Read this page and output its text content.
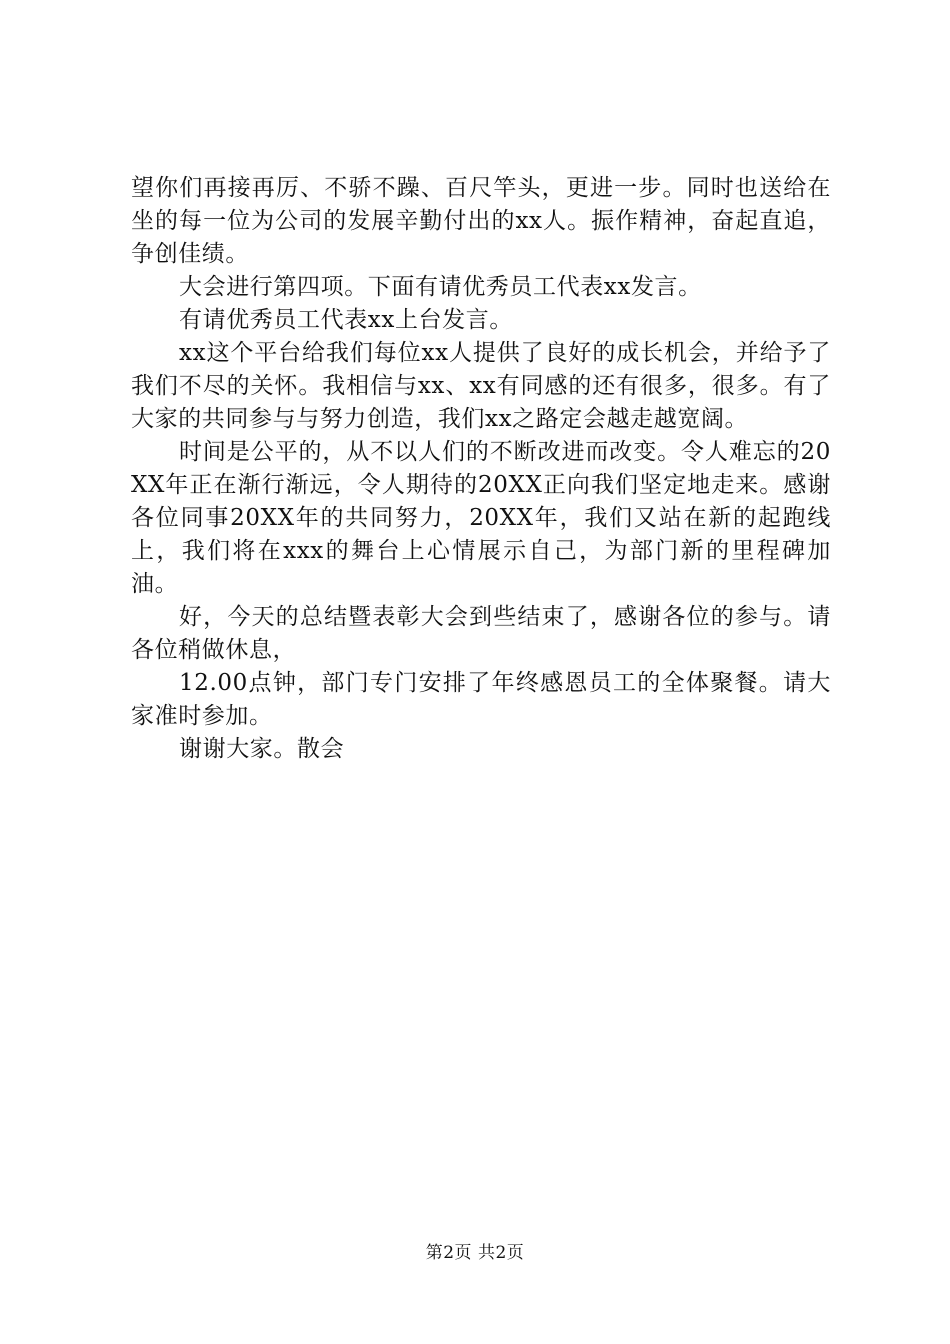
望你们再接再厉、不骄不躁、百尺竿头，更进一步。同时也送给在坐的每一位为公司的发展辛勤付出的xx人。振作精神，奋起直追，争创佳绩。

大会进行第四项。下面有请优秀员工代表xx发言。

有请优秀员工代表xx上台发言。

xx这个平台给我们每位xx人提供了良好的成长机会，并给予了我们不尽的关怀。我相信与xx、xx有同感的还有很多，很多。有了大家的共同参与与努力创造，我们xx之路定会越走越宽阔。

时间是公平的，从不以人们的不断改进而改变。令人难忘的20XX年正在渐行渐远，令人期待的20XX正向我们坚定地走来。感谢各位同事20XX年的共同努力，20XX年，我们又站在新的起跑线上，我们将在xxx的舞台上心情展示自己，为部门新的里程碑加油。

好，今天的总结暨表彰大会到些结束了，感谢各位的参与。请各位稍做休息，

12.00点钟，部门专门安排了年终感恩员工的全体聚餐。请大家准时参加。

谢谢大家。散会

第2页 共2页
